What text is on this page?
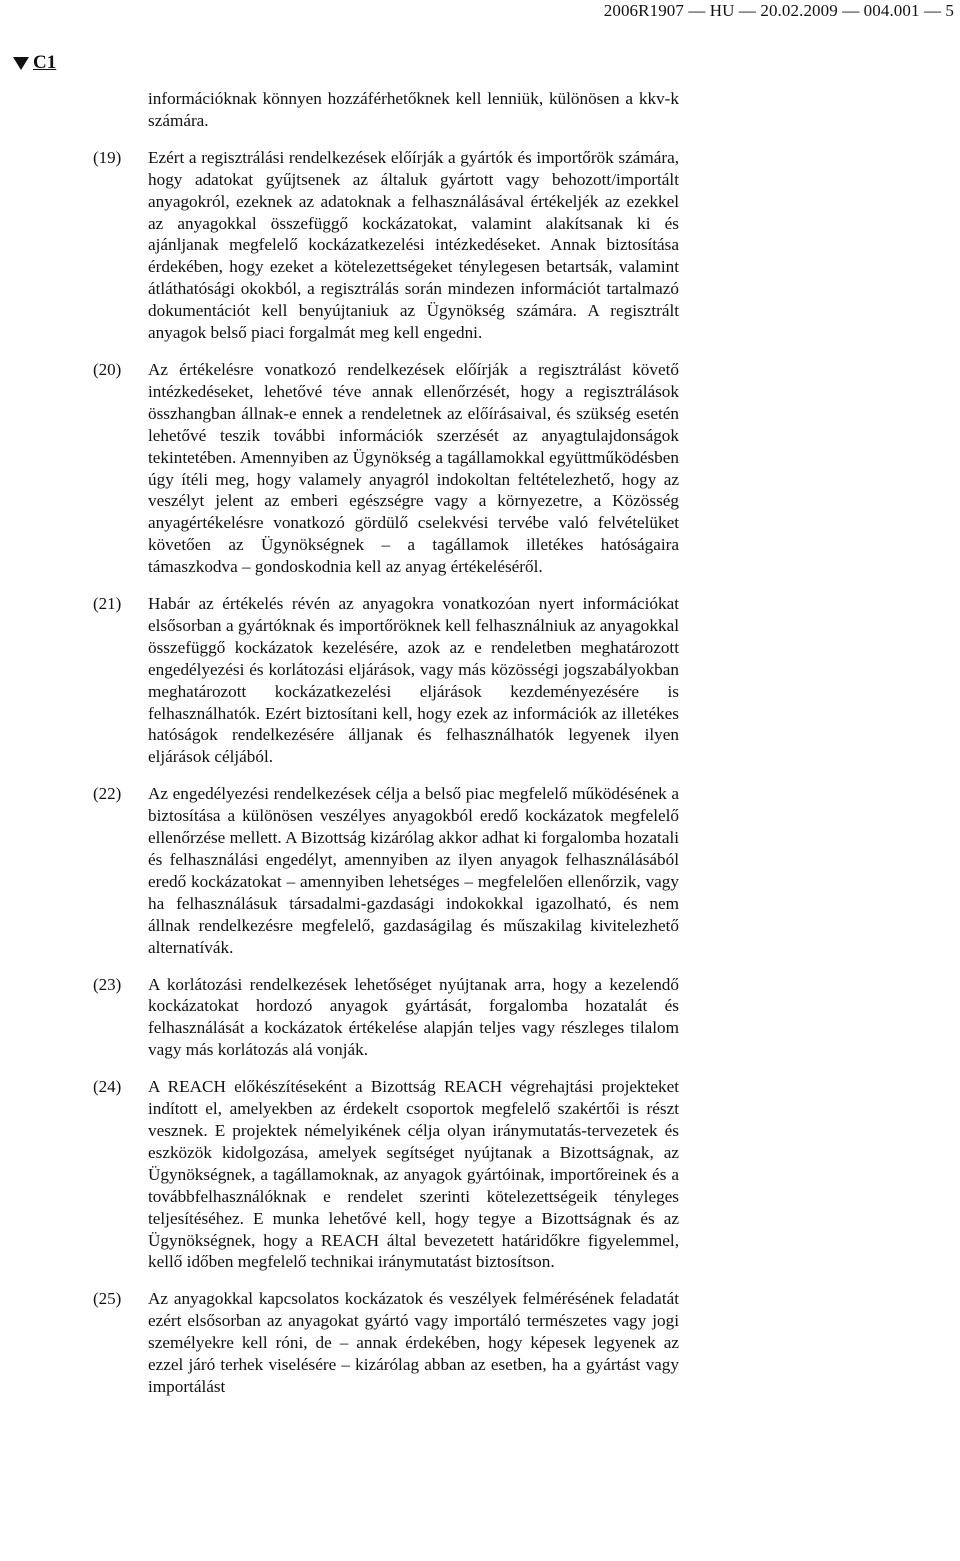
2006R1907 — HU — 20.02.2009 — 004.001 — 5
C1
információknak könnyen hozzáférhetőknek kell lenniük, különösen a kkv-k számára.
(19) Ezért a regisztrálási rendelkezések előírják a gyártók és importőrök számára, hogy adatokat gyűjtsenek az általuk gyártott vagy behozott/importált anyagokról, ezeknek az adatoknak a felhasználásával értékeljék az ezekkel az anyagokkal összefüggő kockázatokat, valamint alakítsanak ki és ajánljanak megfelelő kockázatkezelési intézkedéseket. Annak biztosítása érdekében, hogy ezeket a kötelezettségeket ténylegesen betartsák, valamint átláthatósági okokból, a regisztrálás során mindezen információt tartalmazó dokumentációt kell benyújtaniuk az Ügynökség számára. A regisztrált anyagok belső piaci forgalmát meg kell engedni.
(20) Az értékelésre vonatkozó rendelkezések előírják a regisztrálást követő intézkedéseket, lehetővé téve annak ellenőrzését, hogy a regisztrálások összhangban állnak-e ennek a rendeletnek az előírásaival, és szükség esetén lehetővé teszik további információk szerzését az anyagtulajdonságok tekintetében. Amennyiben az Ügynökség a tagállamokkal együttműködésben úgy ítéli meg, hogy valamely anyagról indokoltan feltételezhető, hogy az veszélyt jelent az emberi egészségre vagy a környezetre, a Közösség anyagértékelésre vonatkozó gördülő cselekvési tervébe való felvételüket követően az Ügynökségnek – a tagállamok illetékes hatóságaira támaszkodva – gondoskodnia kell az anyag értékeléséről.
(21) Habár az értékelés révén az anyagokra vonatkozóan nyert információkat elsősorban a gyártóknak és importőröknek kell felhasználniuk az anyagokkal összefüggő kockázatok kezelésére, azok az e rendeletben meghatározott engedélyezési és korlátozási eljárások, vagy más közösségi jogszabályokban meghatározott kockázatkezelési eljárások kezdeményezésére is felhasználhatók. Ezért biztosítani kell, hogy ezek az információk az illetékes hatóságok rendelkezésére álljanak és felhasználhatók legyenek ilyen eljárások céljából.
(22) Az engedélyezési rendelkezések célja a belső piac megfelelő működésének a biztosítása a különösen veszélyes anyagokból eredő kockázatok megfelelő ellenőrzése mellett. A Bizottság kizárólag akkor adhat ki forgalomba hozatali és felhasználási engedélyt, amennyiben az ilyen anyagok felhasználásából eredő kockázatokat – amennyiben lehetséges – megfelelően ellenőrzik, vagy ha felhasználásuk társadalmi-gazdasági indokokkal igazolható, és nem állnak rendelkezésre megfelelő, gazdaságilag és műszakilag kivitelezhető alternatívák.
(23) A korlátozási rendelkezések lehetőséget nyújtanak arra, hogy a kezelendő kockázatokat hordozó anyagok gyártását, forgalomba hozatalát és felhasználását a kockázatok értékelése alapján teljes vagy részleges tilalom vagy más korlátozás alá vonják.
(24) A REACH előkészítéseként a Bizottság REACH végrehajtási projekteket indított el, amelyekben az érdekelt csoportok megfelelő szakértői is részt vesznek. E projektek némelyikének célja olyan iránymutatás-tervezetek és eszközök kidolgozása, amelyek segítséget nyújtanak a Bizottságnak, az Ügynökségnek, a tagállamoknak, az anyagok gyártóinak, importőreinek és a továbbfelhasználóknak e rendelet szerinti kötelezettségeik tényleges teljesítéséhez. E munka lehetővé kell, hogy tegye a Bizottságnak és az Ügynökségnek, hogy a REACH által bevezetett határidőkre figyelemmel, kellő időben megfelelő technikai iránymutatást biztosítson.
(25) Az anyagokkal kapcsolatos kockázatok és veszélyek felmérésének feladatát ezért elsősorban az anyagokat gyártó vagy importáló természetes vagy jogi személyekre kell róni, de – annak érdekében, hogy képesek legyenek az ezzel járó terhek viselésére – kizárólag abban az esetben, ha a gyártást vagy importálást
